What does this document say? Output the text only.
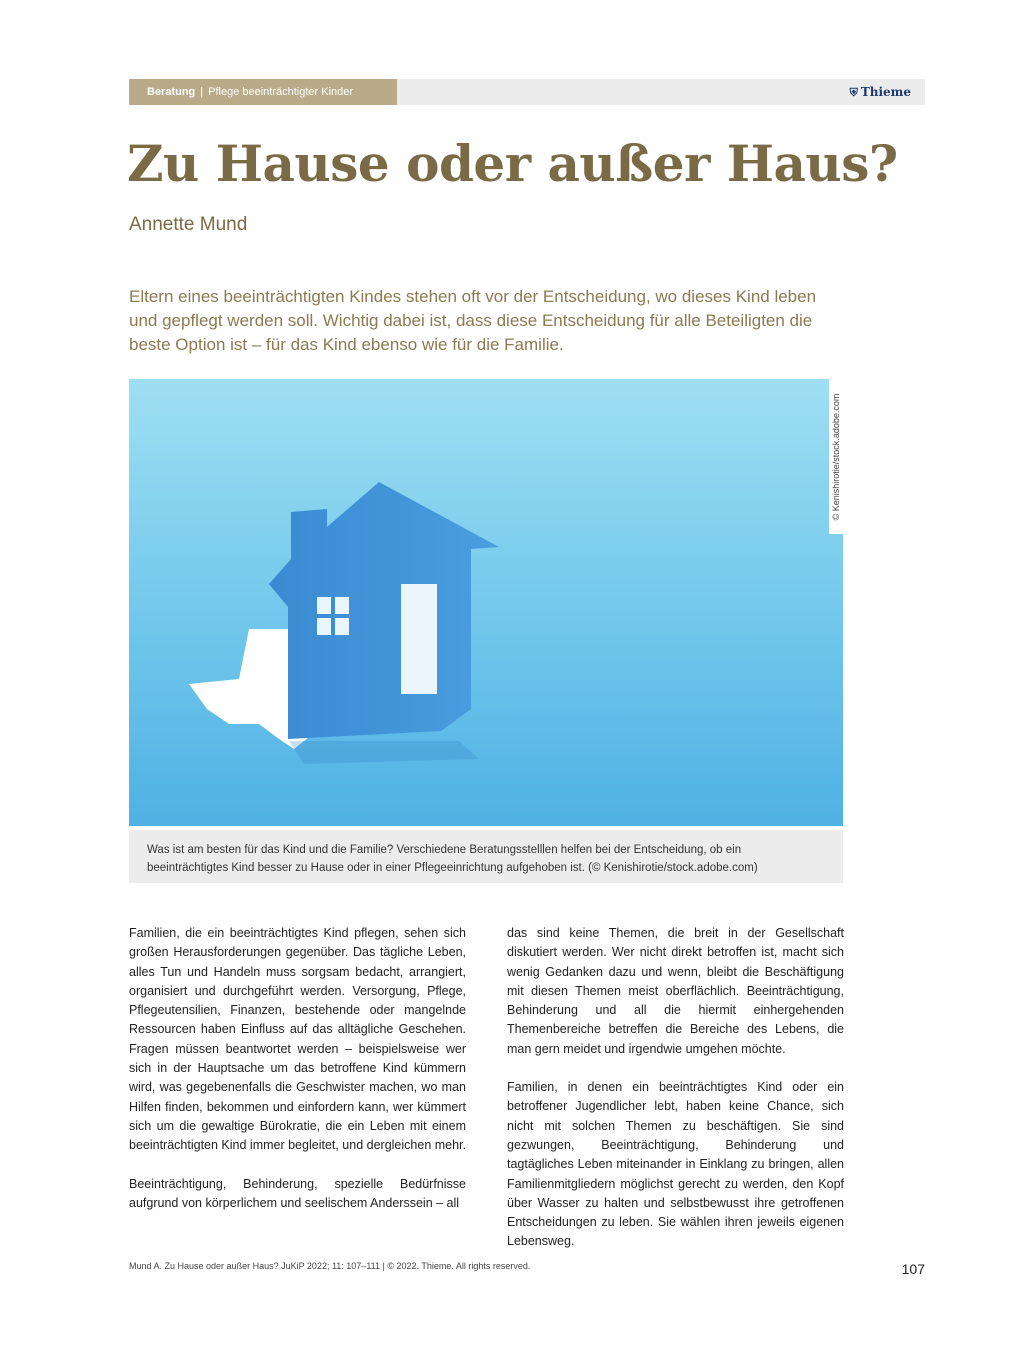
Beratung | Pflege beeinträchtigter Kinder	⛨ Thieme
Zu Hause oder außer Haus?
Annette Mund

Eltern eines beeinträchtigten Kindes stehen oft vor der Entscheidung, wo dieses Kind leben und gepflegt werden soll. Wichtig dabei ist, dass diese Entscheidung für alle Beteiligten die beste Option ist – für das Kind ebenso wie für die Familie.

© Kenishirotie/stock.adobe.com
Was ist am besten für das Kind und die Familie? Verschiedene Beratungsstelllen helfen bei der Entscheidung, ob ein beeinträchtigtes Kind besser zu Hause oder in einer Pflegeeinrichtung aufgehoben ist. (© Kenishirotie/stock.adobe.com)

Familien, die ein beeinträchtigtes Kind pflegen, sehen sich großen Herausforderungen gegenüber. Das tägliche Leben, alles Tun und Handeln muss sorgsam bedacht, arrangiert, organisiert und durchgeführt werden. Versorgung, Pflege, Pflegeutensilien, Finanzen, bestehende oder mangelnde Ressourcen haben Einfluss auf das alltägliche Geschehen. Fragen müssen beantwortet werden – beispielsweise wer sich in der Hauptsache um das betroffene Kind kümmern wird, was gegebenenfalls die Geschwister machen, wo man Hilfen finden, bekommen und einfordern kann, wer kümmert sich um die gewaltige Bürokratie, die ein Leben mit einem beeinträchtigten Kind immer begleitet, und dergleichen mehr.

Beeinträchtigung, Behinderung, spezielle Bedürfnisse aufgrund von körperlichem und seelischem Anderssein – all

das sind keine Themen, die breit in der Gesellschaft diskutiert werden. Wer nicht direkt betroffen ist, macht sich wenig Gedanken dazu und wenn, bleibt die Beschäftigung mit diesen Themen meist oberflächlich. Beeinträchtigung, Behinderung und all die hiermit einhergehenden Themenbereiche betreffen die Bereiche des Lebens, die man gern meidet und irgendwie umgehen möchte.

Familien, in denen ein beeinträchtigtes Kind oder ein betroffener Jugendlicher lebt, haben keine Chance, sich nicht mit solchen Themen zu beschäftigen. Sie sind gezwungen, Beeinträchtigung, Behinderung und tagtägliches Leben miteinander in Einklang zu bringen, allen Familienmitgliedern möglichst gerecht zu werden, den Kopf über Wasser zu halten und selbstbewusst ihre getroffenen Entscheidungen zu leben. Sie wählen ihren jeweils eigenen Lebensweg.

Mund A. Zu Hause oder außer Haus? JuKiP 2022; 11: 107–111 | © 2022. Thieme. All rights reserved.	107
